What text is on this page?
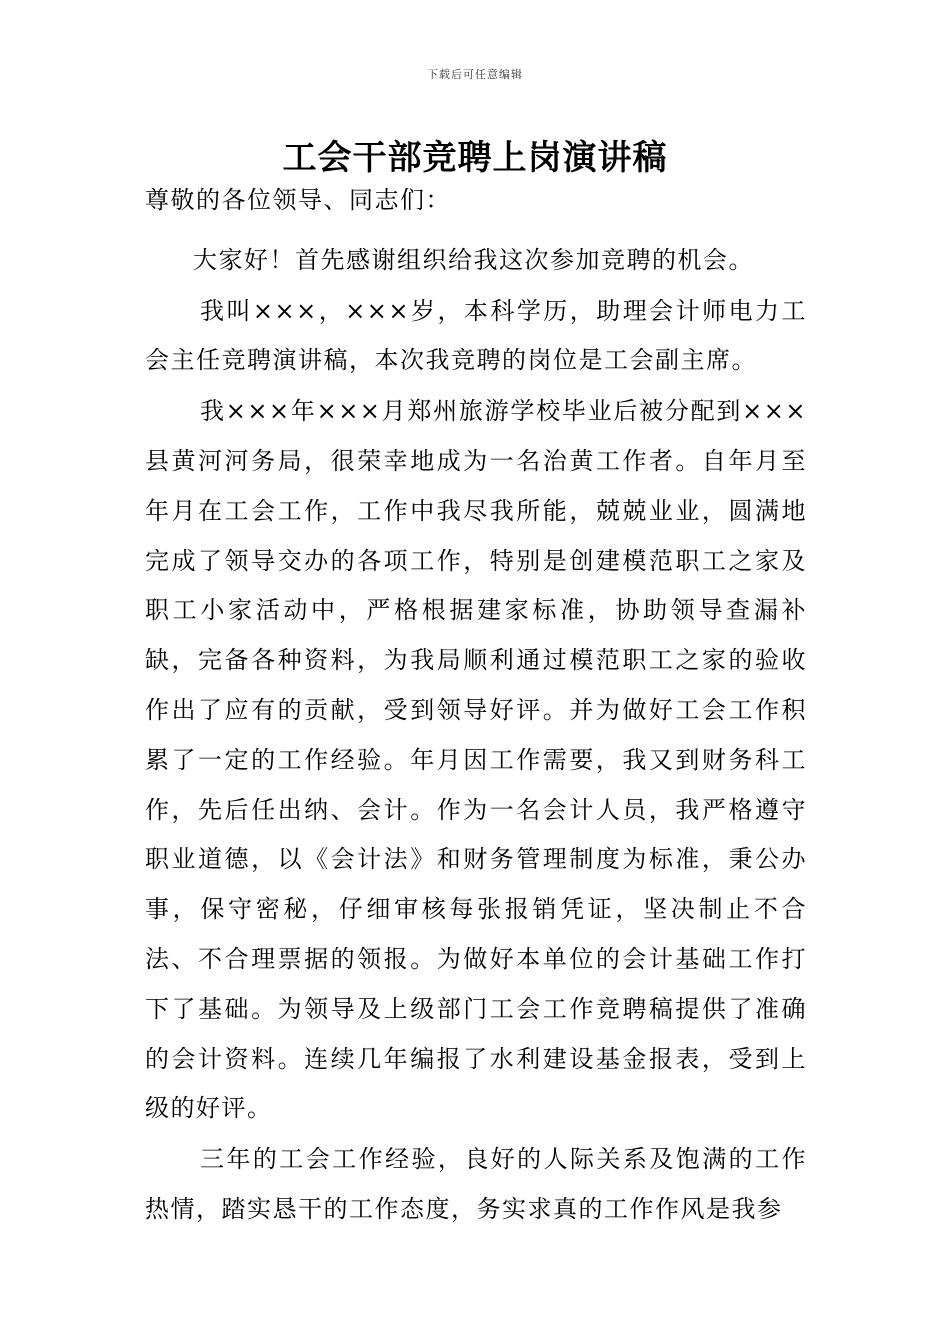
下载后可任意编辑
工会干部竞聘上岗演讲稿

尊敬的各位领导、同志们：

大家好！首先感谢组织给我这次参加竞聘的机会。

我叫×××，×××岁，本科学历，助理会计师电力工会主任竞聘演讲稿，本次我竞聘的岗位是工会副主席。

我×××年×××月郑州旅游学校毕业后被分配到×××县黄河河务局，很荣幸地成为一名治黄工作者。自年月至年月在工会工作，工作中我尽我所能，兢兢业业，圆满地完成了领导交办的各项工作，特别是创建模范职工之家及职工小家活动中，严格根据建家标准，协助领导查漏补缺，完备各种资料，为我局顺利通过模范职工之家的验收作出了应有的贡献，受到领导好评。并为做好工会工作积累了一定的工作经验。年月因工作需要，我又到财务科工作，先后任出纳、会计。作为一名会计人员，我严格遵守职业道德，以《会计法》和财务管理制度为标准，秉公办事，保守密秘，仔细审核每张报销凭证，坚决制止不合法、不合理票据的领报。为做好本单位的会计基础工作打下了基础。为领导及上级部门工会工作竞聘稿提供了准确的会计资料。连续几年编报了水利建设基金报表，受到上级的好评。

三年的工会工作经验，良好的人际关系及饱满的工作热情，踏实恳干的工作态度，务实求真的工作作风是我参
